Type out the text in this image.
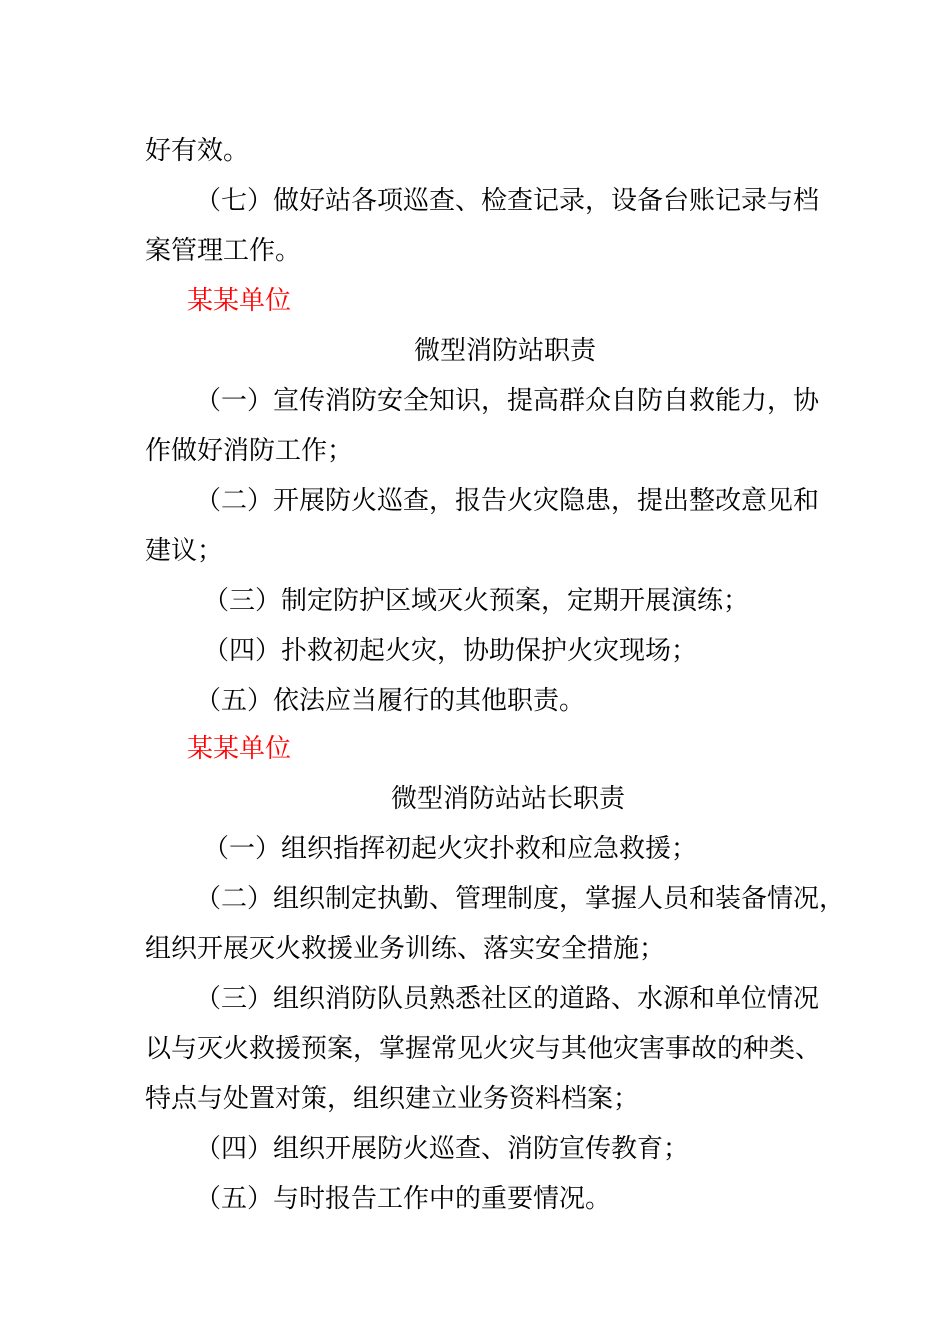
好有效。
（七）做好站各项巡查、检查记录，设备台账记录与档
案管理工作。
某某单位
微型消防站职责
（一）宣传消防安全知识，提高群众自防自救能力，协
作做好消防工作；
（二）开展防火巡查，报告火灾隐患，提出整改意见和
建议；
（三）制定防护区域灭火预案，定期开展演练；
（四）扑救初起火灾，协助保护火灾现场；
（五）依法应当履行的其他职责。
某某单位
微型消防站站长职责
（一）组织指挥初起火灾扑救和应急救援；
（二）组织制定执勤、管理制度，掌握人员和装备情况，
组织开展灭火救援业务训练、落实安全措施；
（三）组织消防队员熟悉社区的道路、水源和单位情况
以与灭火救援预案，掌握常见火灾与其他灾害事故的种类、
特点与处置对策，组织建立业务资料档案；
（四）组织开展防火巡查、消防宣传教育；
（五）与时报告工作中的重要情况。
